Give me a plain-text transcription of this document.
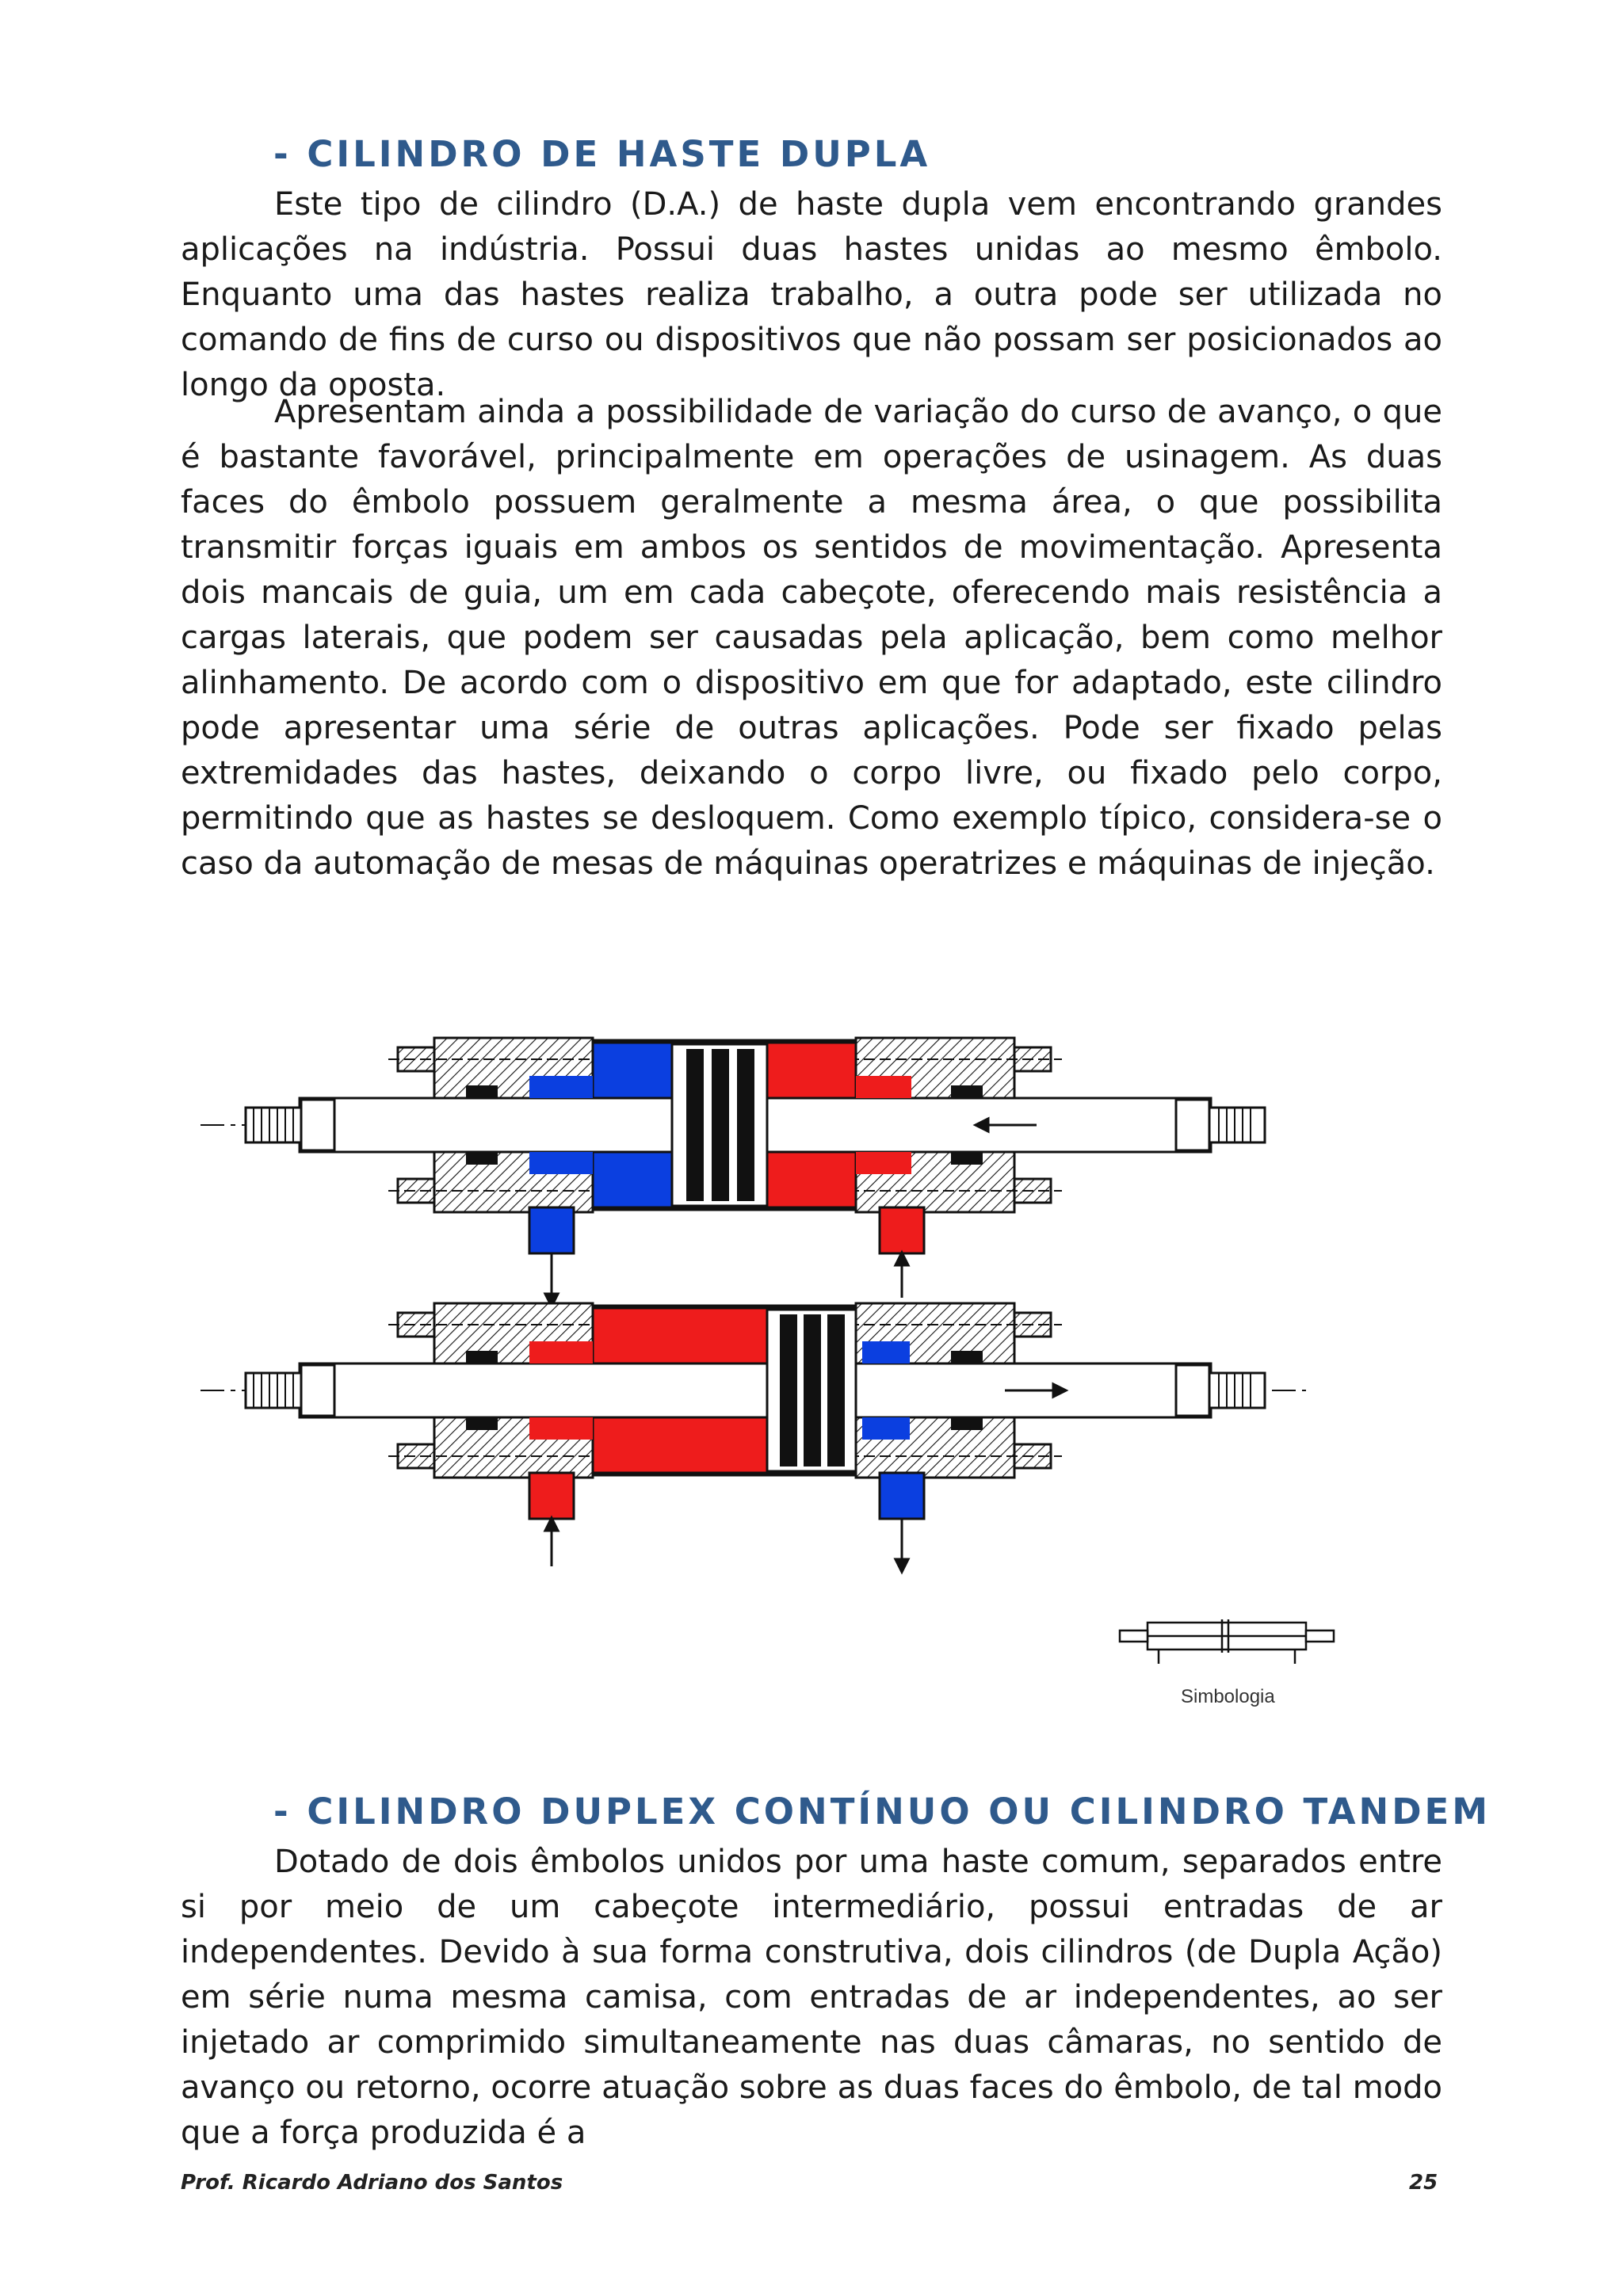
- CILINDRO DE HASTE DUPLA

Este tipo de cilindro (D.A.) de haste dupla vem encontrando grandes aplicações na indústria. Possui duas hastes unidas ao mesmo êmbolo. Enquanto uma das hastes realiza trabalho, a outra pode ser utilizada no comando de fins de curso ou dispositivos que não possam ser posicionados ao longo da oposta.

Apresentam ainda a possibilidade de variação do curso de avanço, o que é bastante favorável, principalmente em operações de usinagem. As duas faces do êmbolo possuem geralmente a mesma área, o que possibilita transmitir forças iguais em ambos os sentidos de movimentação. Apresenta dois mancais de guia, um em cada cabeçote, oferecendo mais resistência a cargas laterais, que podem ser causadas pela aplicação, bem como melhor alinhamento. De acordo com o dispositivo em que for adaptado, este cilindro pode apresentar uma série de outras aplicações. Pode ser fixado pelas extremidades das hastes, deixando o corpo livre, ou fixado pelo corpo, permitindo que as hastes se desloquem. Como exemplo típico, considera-se o caso da automação de mesas de máquinas operatrizes e máquinas de injeção.

Simbologia
- CILINDRO DUPLEX CONTÍNUO OU CILINDRO TANDEM

Dotado de dois êmbolos unidos por uma haste comum, separados entre si por meio de um cabeçote intermediário, possui entradas de ar independentes. Devido à sua forma construtiva, dois cilindros (de Dupla Ação) em série numa mesma camisa, com entradas de ar independentes, ao ser injetado ar comprimido simultaneamente nas duas câmaras, no sentido de avanço ou retorno, ocorre atuação sobre as duas faces do êmbolo, de tal modo que a força produzida é a

Prof. Ricardo Adriano dos Santos	25
